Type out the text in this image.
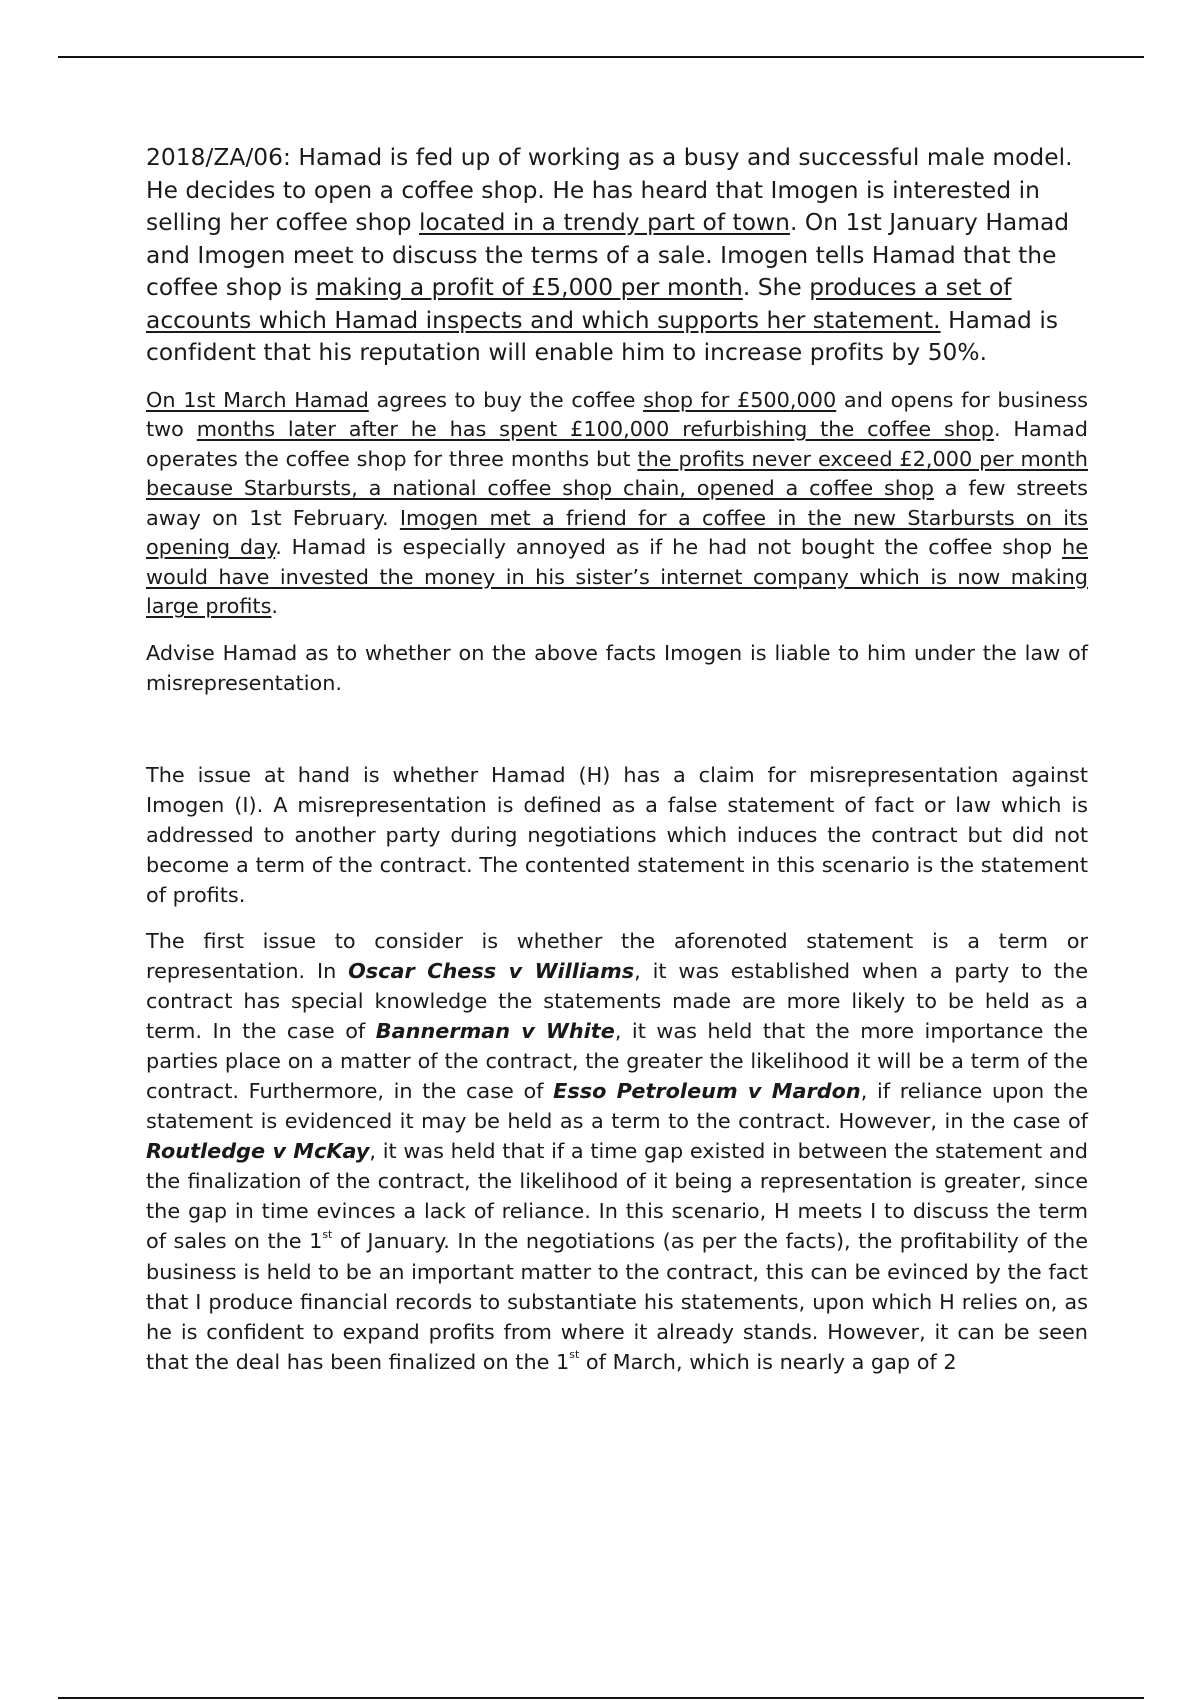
2018/ZA/06: Hamad is fed up of working as a busy and successful male model. He decides to open a coffee shop. He has heard that Imogen is interested in selling her coffee shop located in a trendy part of town. On 1st January Hamad and Imogen meet to discuss the terms of a sale. Imogen tells Hamad that the coffee shop is making a profit of £5,000 per month. She produces a set of accounts which Hamad inspects and which supports her statement. Hamad is confident that his reputation will enable him to increase profits by 50%.

On 1st March Hamad agrees to buy the coffee shop for £500,000 and opens for business two months later after he has spent £100,000 refurbishing the coffee shop. Hamad operates the coffee shop for three months but the profits never exceed £2,000 per month because Starbursts, a national coffee shop chain, opened a coffee shop a few streets away on 1st February. Imogen met a friend for a coffee in the new Starbursts on its opening day. Hamad is especially annoyed as if he had not bought the coffee shop he would have invested the money in his sister’s internet company which is now making large profits.

Advise Hamad as to whether on the above facts Imogen is liable to him under the law of misrepresentation.

The issue at hand is whether Hamad (H) has a claim for misrepresentation against Imogen (I). A misrepresentation is defined as a false statement of fact or law which is addressed to another party during negotiations which induces the contract but did not become a term of the contract. The contented statement in this scenario is the statement of profits.

The first issue to consider is whether the aforenoted statement is a term or representation. In Oscar Chess v Williams, it was established when a party to the contract has special knowledge the statements made are more likely to be held as a term. In the case of Bannerman v White, it was held that the more importance the parties place on a matter of the contract, the greater the likelihood it will be a term of the contract. Furthermore, in the case of Esso Petroleum v Mardon, if reliance upon the statement is evidenced it may be held as a term to the contract. However, in the case of Routledge v McKay, it was held that if a time gap existed in between the statement and the finalization of the contract, the likelihood of it being a representation is greater, since the gap in time evinces a lack of reliance. In this scenario, H meets I to discuss the term of sales on the 1st of January. In the negotiations (as per the facts), the profitability of the business is held to be an important matter to the contract, this can be evinced by the fact that I produce financial records to substantiate his statements, upon which H relies on, as he is confident to expand profits from where it already stands. However, it can be seen that the deal has been finalized on the 1st of March, which is nearly a gap of 2
